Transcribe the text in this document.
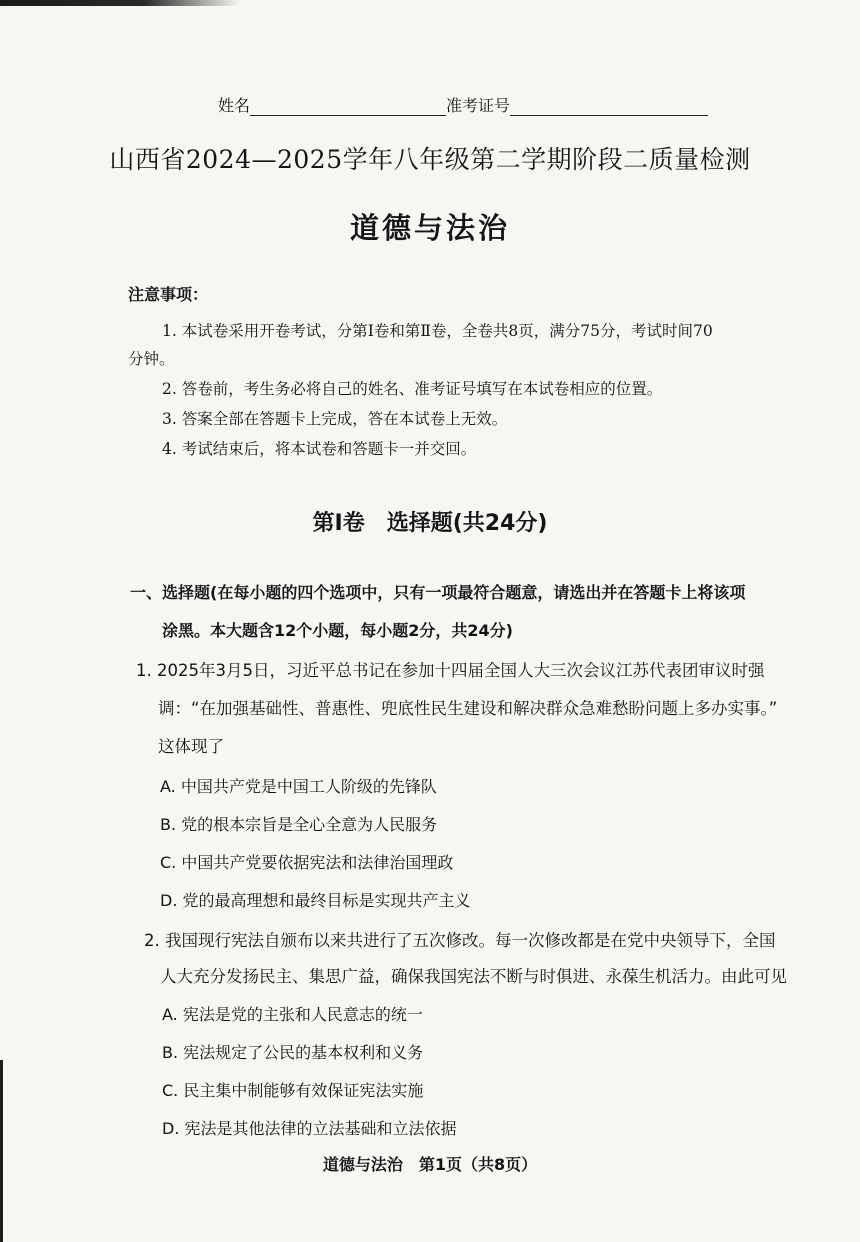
姓名	准考证号
山西省2024—2025学年八年级第二学期阶段二质量检测
道德与法治
注意事项：
1. 本试卷采用开卷考试，分第Ⅰ卷和第Ⅱ卷，全卷共8页，满分75分，考试时间70
分钟。
2. 答卷前，考生务必将自己的姓名、准考证号填写在本试卷相应的位置。
3. 答案全部在答题卡上完成，答在本试卷上无效。
4. 考试结束后，将本试卷和答题卡一并交回。
第Ⅰ卷　选择题(共24分)
一、选择题(在每小题的四个选项中，只有一项最符合题意，请选出并在答题卡上将该项
涂黑。本大题含12个小题，每小题2分，共24分)
1. 2025年3月5日，习近平总书记在参加十四届全国人大三次会议江苏代表团审议时强
调：“在加强基础性、普惠性、兜底性民生建设和解决群众急难愁盼问题上多办实事。”
这体现了
A. 中国共产党是中国工人阶级的先锋队
B. 党的根本宗旨是全心全意为人民服务
C. 中国共产党要依据宪法和法律治国理政
D. 党的最高理想和最终目标是实现共产主义
2. 我国现行宪法自颁布以来共进行了五次修改。每一次修改都是在党中央领导下，全国
人大充分发扬民主、集思广益，确保我国宪法不断与时俱进、永葆生机活力。由此可见
A. 宪法是党的主张和人民意志的统一
B. 宪法规定了公民的基本权利和义务
C. 民主集中制能够有效保证宪法实施
D. 宪法是其他法律的立法基础和立法依据
道德与法治　第1页（共8页）
